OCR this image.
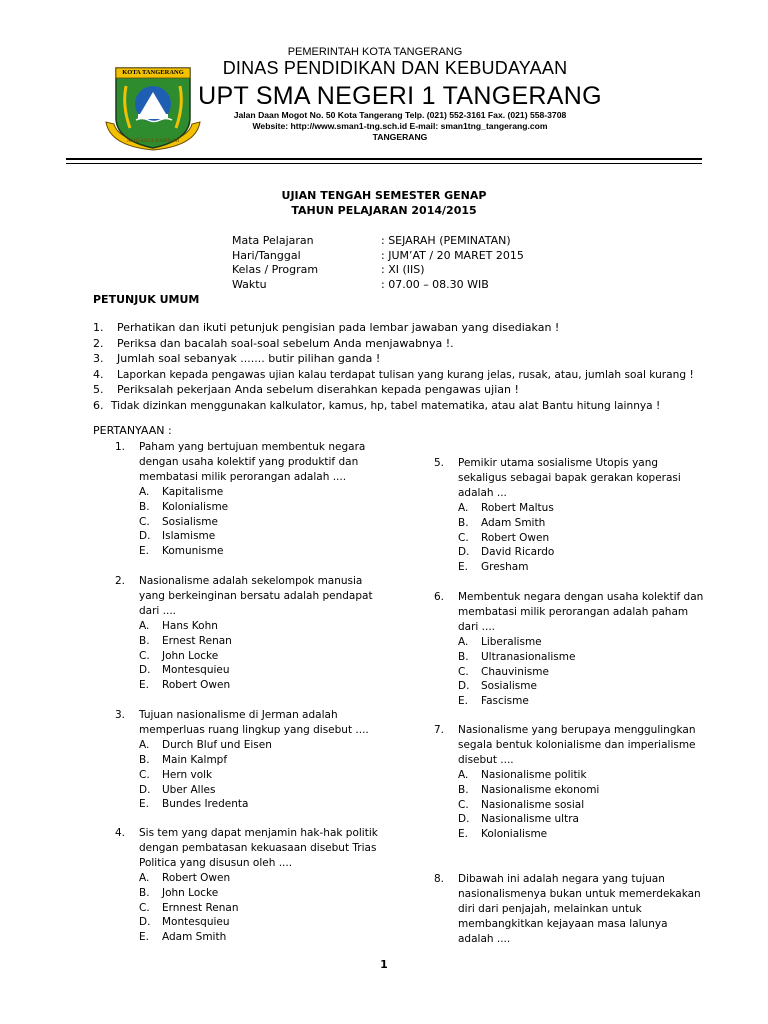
KOTA TANGERANG
AKHLAKUL KARIMAH
PEMERINTAH KOTA TANGERANG
DINAS PENDIDIKAN DAN KEBUDAYAAN
UPT SMA NEGERI 1 TANGERANG
Jalan Daan Mogot No. 50 Kota Tangerang Telp. (021) 552-3161 Fax. (021) 558-3708
Website: http://www.sman1-tng.sch.id E-mail: sman1tng_tangerang.com
TANGERANG
UJIAN TENGAH SEMESTER GENAP
TAHUN PELAJARAN 2014/2015
Mata Pelajaran	: SEJARAH (PEMINATAN)
Hari/Tanggal	: JUM’AT / 20 MARET 2015
Kelas / Program	: XI (IIS)
Waktu	: 07.00 – 08.30 WIB
PETUNJUK UMUM
1. Perhatikan dan ikuti petunjuk pengisian pada lembar jawaban yang disediakan !
2. Periksa dan bacalah soal-soal sebelum Anda menjawabnya !.
3. Jumlah soal sebanyak ....... butir pilihan ganda !
4. Laporkan kepada pengawas ujian kalau terdapat tulisan yang kurang jelas, rusak, atau, jumlah soal kurang !
5. Periksalah pekerjaan Anda sebelum diserahkan kepada pengawas ujian !
6. Tidak dizinkan menggunakan kalkulator, kamus, hp, tabel matematika, atau alat Bantu hitung lainnya !
PERTANYAAN :
1. Paham yang bertujuan membentuk negara
dengan usaha kolektif yang produktif dan
membatasi milik perorangan adalah ....
A.	Kapitalisme
B.	Kolonialisme
C.	Sosialisme
D.	Islamisme
E.	Komunisme
2. Nasionalisme adalah sekelompok manusia
yang berkeinginan bersatu adalah pendapat
dari ....
A.	Hans Kohn
B.	Ernest Renan
C.	John Locke
D.	Montesquieu
E.	Robert Owen
3. Tujuan nasionalisme di Jerman adalah
memperluas ruang lingkup yang disebut ....
A.	Durch Bluf und Eisen
B.	Main Kalmpf
C.	Hern volk
D.	Uber Alles
E.	Bundes Iredenta
4. Sis tem yang dapat menjamin hak-hak politik
dengan pembatasan kekuasaan disebut Trias
Politica yang disusun oleh ....
A.	Robert Owen
B.	John Locke
C.	Ernnest Renan
D.	Montesquieu
E.	Adam Smith
5. Pemikir utama sosialisme Utopis yang
sekaligus sebagai bapak gerakan koperasi
adalah ...
A.	Robert Maltus
B.	Adam Smith
C.	Robert Owen
D.	David Ricardo
E.	Gresham
6. Membentuk negara dengan usaha kolektif dan
membatasi milik perorangan adalah paham
dari ....
A.	Liberalisme
B.	Ultranasionalisme
C.	Chauvinisme
D.	Sosialisme
E.	Fascisme
7. Nasionalisme yang berupaya menggulingkan
segala bentuk kolonialisme dan imperialisme
disebut ....
A.	Nasionalisme politik
B.	Nasionalisme ekonomi
C.	Nasionalisme sosial
D.	Nasionalisme ultra
E.	Kolonialisme
8. Dibawah ini adalah negara yang tujuan
nasionalismenya bukan untuk memerdekakan
diri dari penjajah, melainkan untuk
membangkitkan kejayaan masa lalunya
adalah ....
1
